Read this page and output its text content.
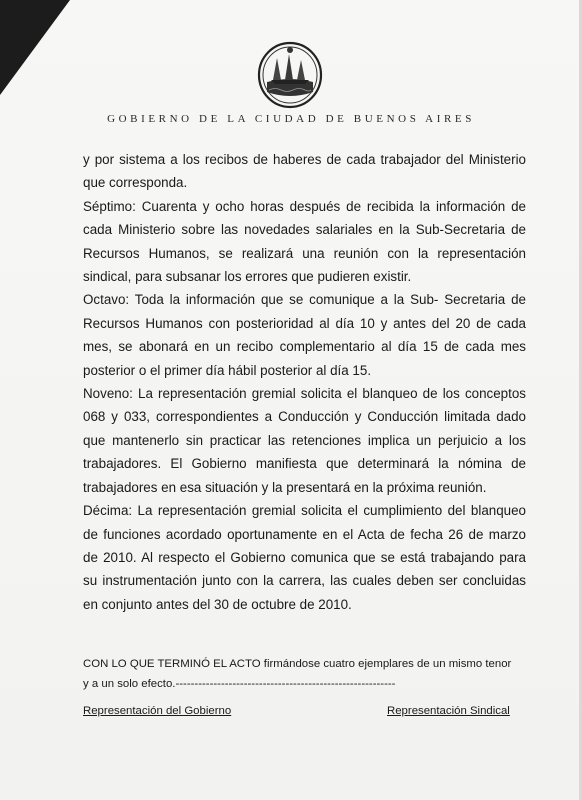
GOBIERNO DE LA CIUDAD DE BUENOS AIRES

y por sistema a los recibos de haberes de cada trabajador del Ministerio que corresponda.

Séptimo: Cuarenta y ocho horas después de recibida la información de cada Ministerio sobre las novedades salariales en la Sub-Secretaria de Recursos Humanos, se realizará una reunión con la representación sindical, para subsanar los errores que pudieren existir.

Octavo: Toda la información que se comunique a la Sub- Secretaria de Recursos Humanos con posterioridad al día 10 y antes del 20 de cada mes, se abonará en un recibo complementario al día 15 de cada mes posterior o el primer día hábil posterior al día 15.

Noveno: La representación gremial solicita el blanqueo de los conceptos 068 y 033, correspondientes a Conducción y Conducción limitada dado que mantenerlo sin practicar las retenciones implica un perjuicio a los trabajadores. El Gobierno manifiesta que determinará la nómina de trabajadores en esa situación y la presentará en la próxima reunión.

Décima: La representación gremial solicita el cumplimiento del blanqueo de funciones acordado oportunamente en el Acta de fecha 26 de marzo de 2010. Al respecto el Gobierno comunica que se está trabajando para su instrumentación junto con la carrera, las cuales deben ser concluidas en conjunto antes del 30 de octubre de 2010.

CON LO QUE TERMINÓ EL ACTO firmándose cuatro ejemplares de un mismo tenor

y a un solo efecto.----------------------------------------------------------

Representación del Gobierno	Representación Sindical
